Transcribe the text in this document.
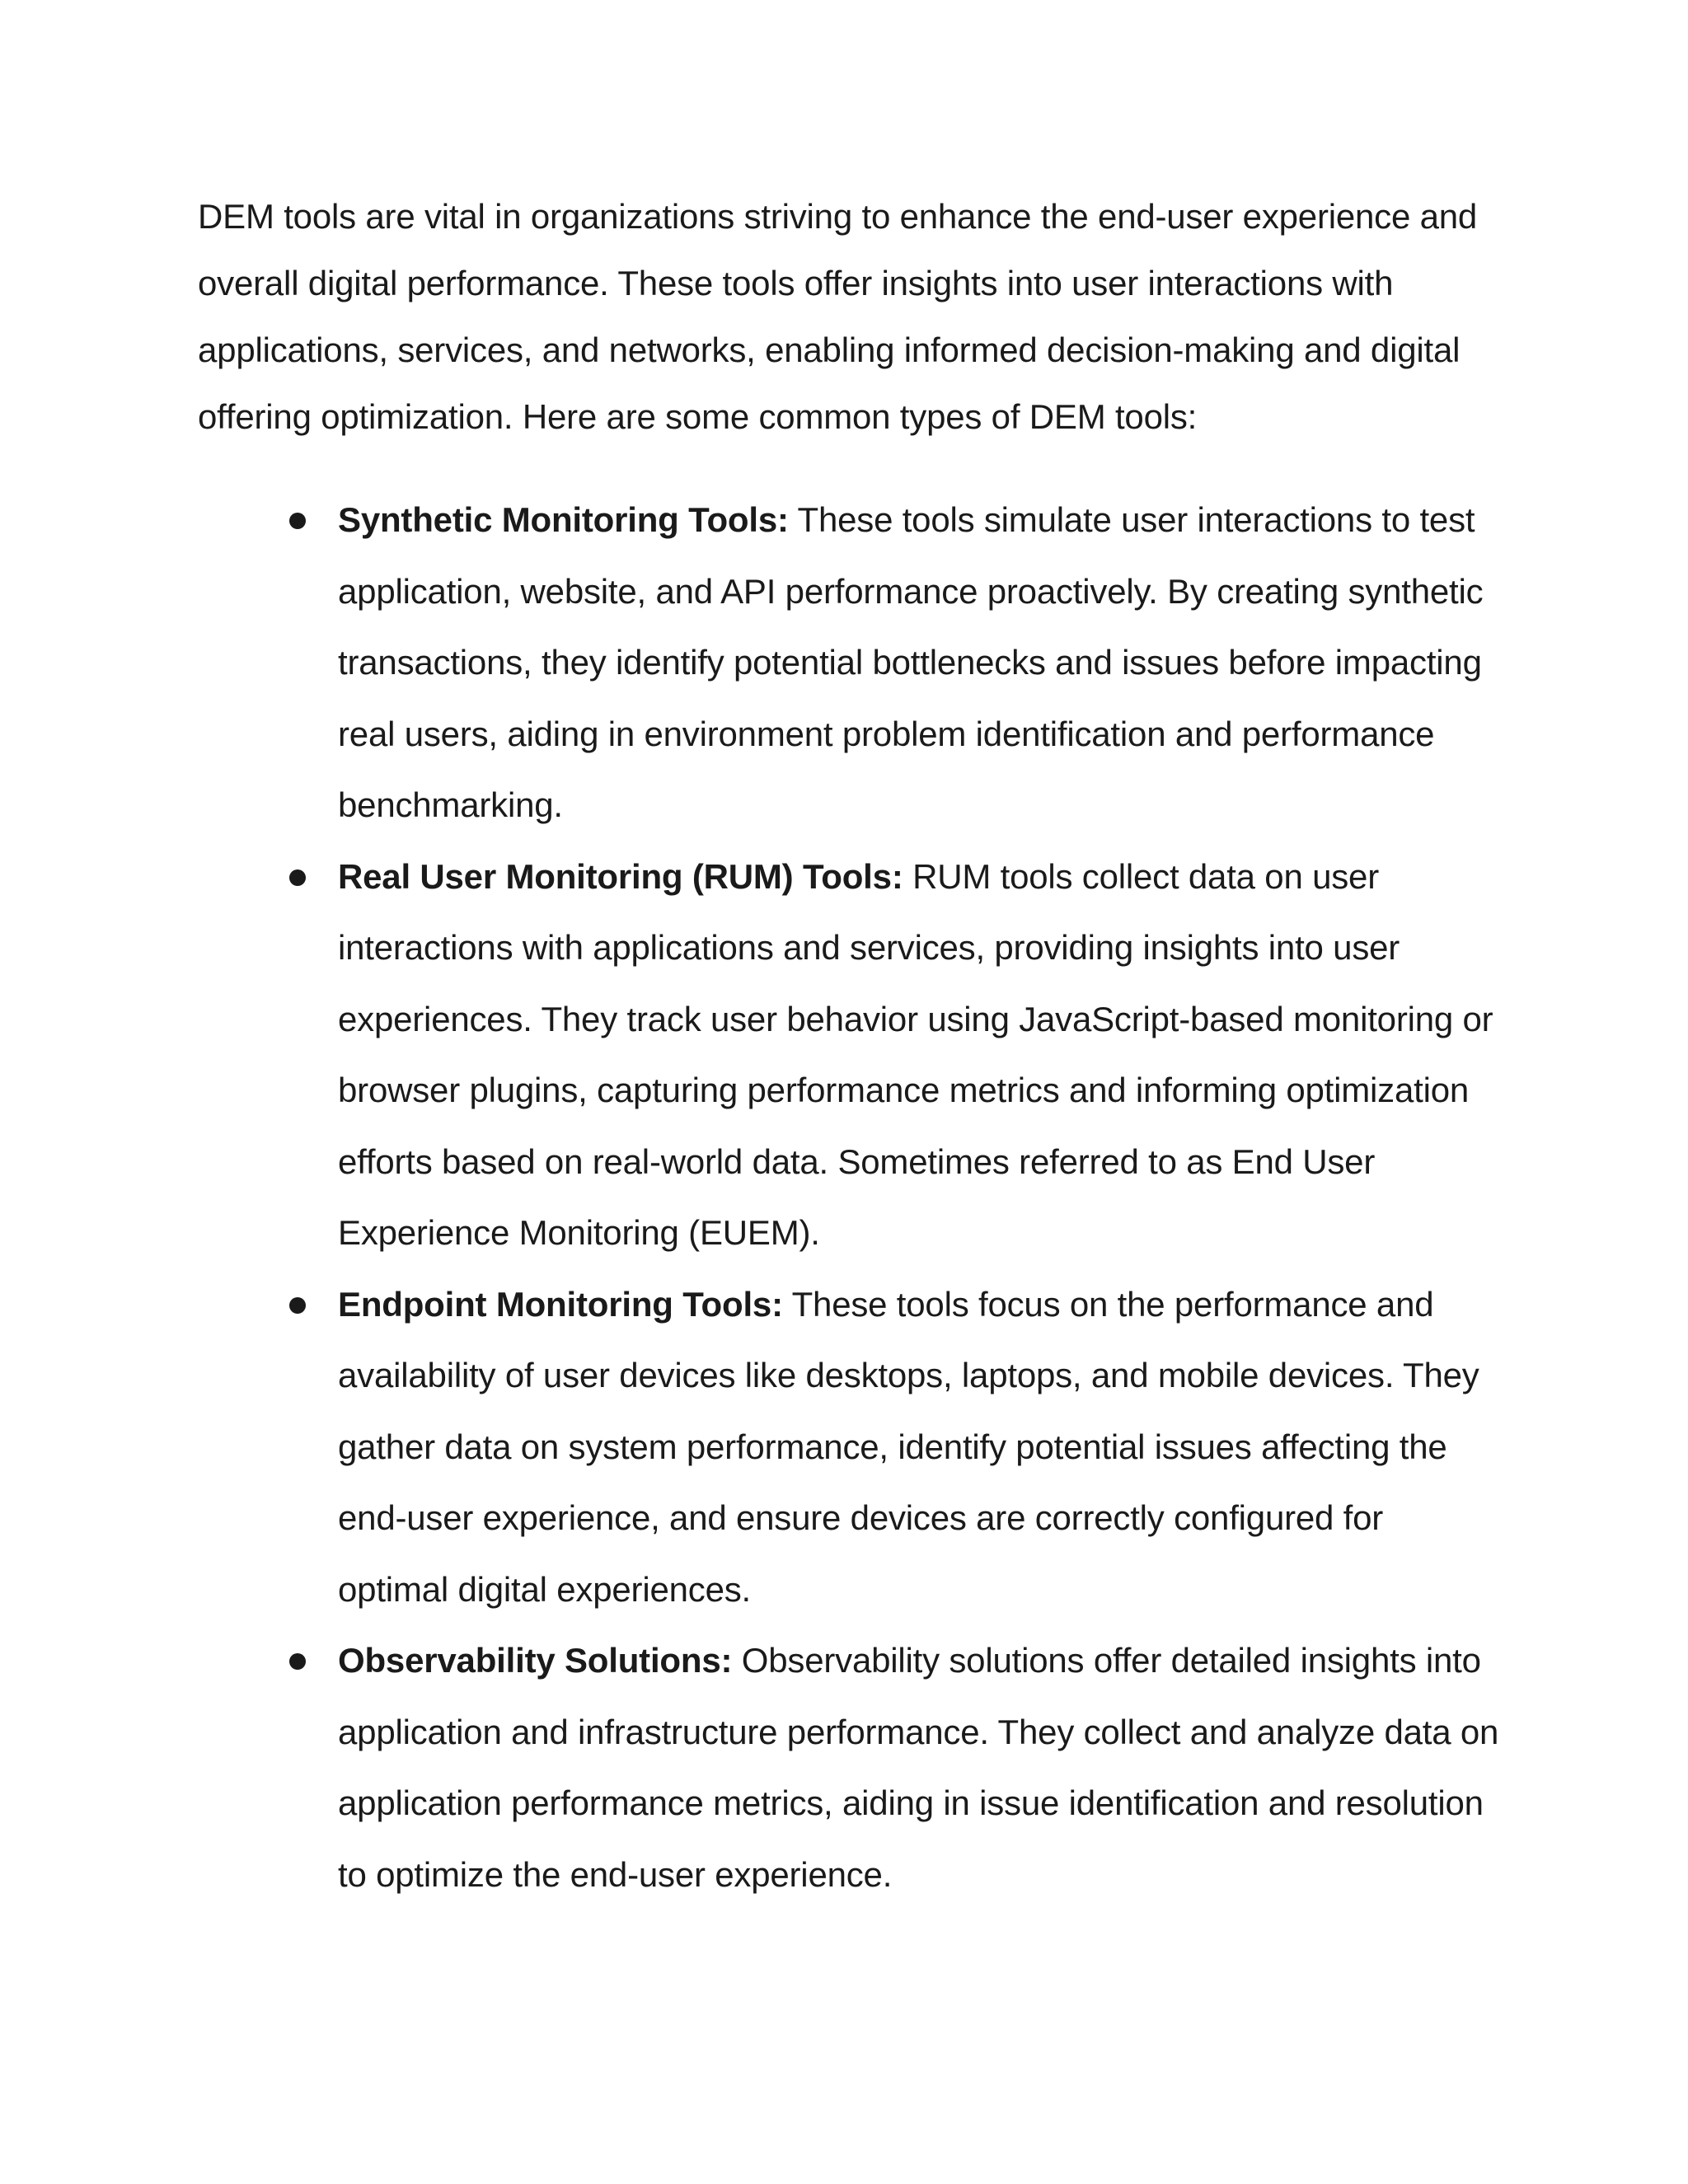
DEM tools are vital in organizations striving to enhance the end-user experience and overall digital performance. These tools offer insights into user interactions with applications, services, and networks, enabling informed decision-making and digital offering optimization. Here are some common types of DEM tools:

Synthetic Monitoring Tools: These tools simulate user interactions to test application, website, and API performance proactively. By creating synthetic transactions, they identify potential bottlenecks and issues before impacting real users, aiding in environment problem identification and performance benchmarking.
Real User Monitoring (RUM) Tools: RUM tools collect data on user interactions with applications and services, providing insights into user experiences. They track user behavior using JavaScript-based monitoring or browser plugins, capturing performance metrics and informing optimization efforts based on real-world data. Sometimes referred to as End User Experience Monitoring (EUEM).
Endpoint Monitoring Tools: These tools focus on the performance and availability of user devices like desktops, laptops, and mobile devices. They gather data on system performance, identify potential issues affecting the end-user experience, and ensure devices are correctly configured for optimal digital experiences.
Observability Solutions: Observability solutions offer detailed insights into application and infrastructure performance. They collect and analyze data on application performance metrics, aiding in issue identification and resolution to optimize the end-user experience.
